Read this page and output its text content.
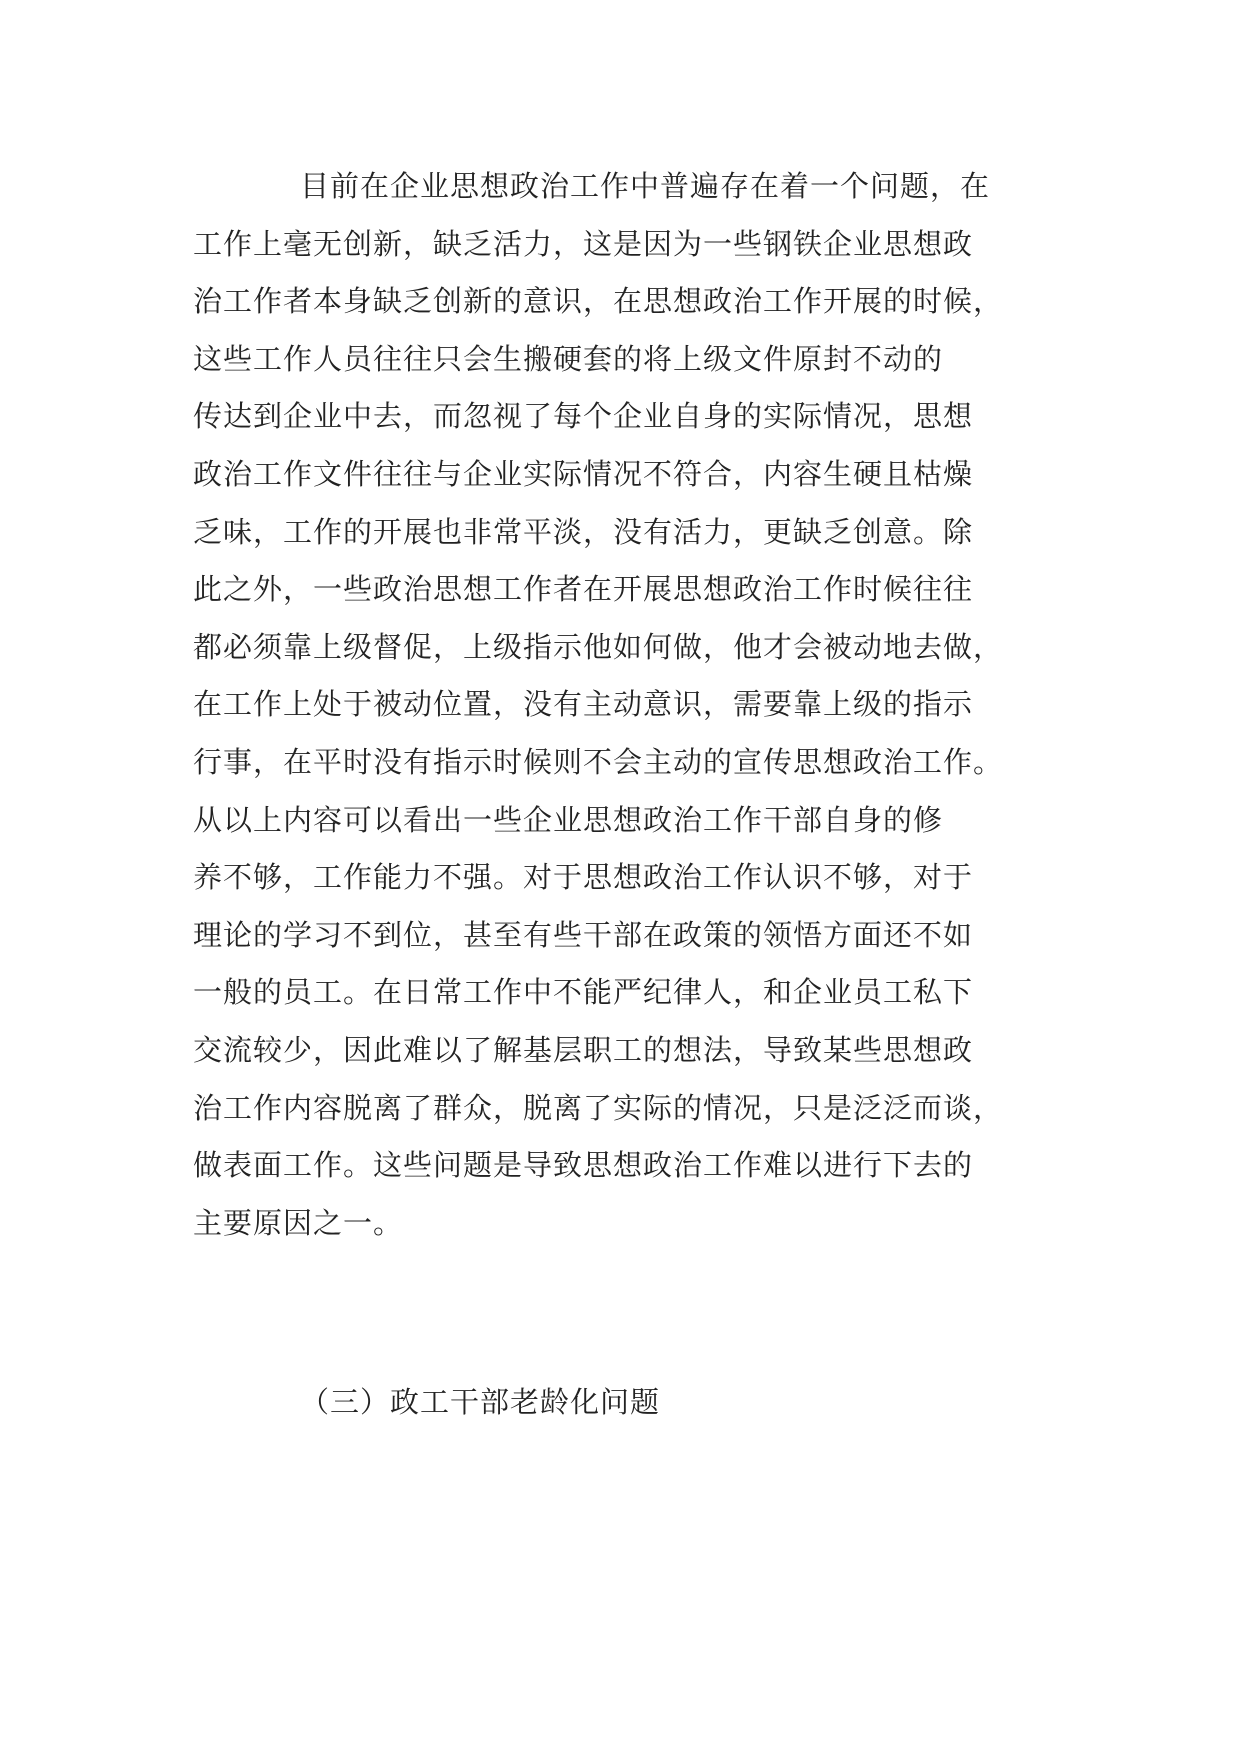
目前在企业思想政治工作中普遍存在着一个问题，在
工作上毫无创新，缺乏活力，这是因为一些钢铁企业思想政
治工作者本身缺乏创新的意识，在思想政治工作开展的时候，
这些工作人员往往只会生搬硬套的将上级文件原封不动的
传达到企业中去，而忽视了每个企业自身的实际情况，思想
政治工作文件往往与企业实际情况不符合，内容生硬且枯燥
乏味，工作的开展也非常平淡，没有活力，更缺乏创意。除
此之外，一些政治思想工作者在开展思想政治工作时候往往
都必须靠上级督促，上级指示他如何做，他才会被动地去做，
在工作上处于被动位置，没有主动意识，需要靠上级的指示
行事，在平时没有指示时候则不会主动的宣传思想政治工作。
从以上内容可以看出一些企业思想政治工作干部自身的修
养不够，工作能力不强。对于思想政治工作认识不够，对于
理论的学习不到位，甚至有些干部在政策的领悟方面还不如
一般的员工。在日常工作中不能严纪律人，和企业员工私下
交流较少，因此难以了解基层职工的想法，导致某些思想政
治工作内容脱离了群众，脱离了实际的情况，只是泛泛而谈，
做表面工作。这些问题是导致思想政治工作难以进行下去的
主要原因之一。
（三）政工干部老龄化问题
